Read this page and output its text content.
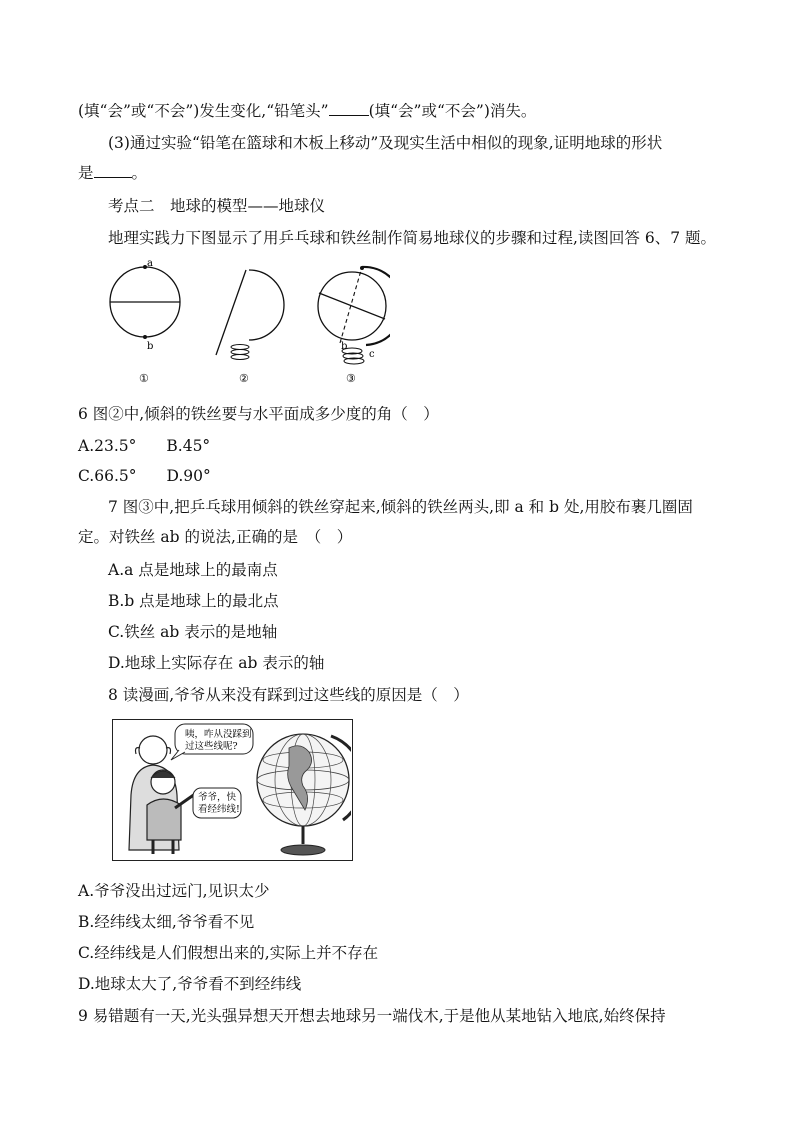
(填“会”或“不会”)发生变化,“铅笔头”	(填“会”或“不会”)消失。
(3)通过实验“铅笔在篮球和木板上移动”及现实生活中相似的现象,证明地球的形状
是 。
考点二　地球的模型——地球仪
地理实践力下图显示了用乒乓球和铁丝制作简易地球仪的步骤和过程,读图回答 6、7 题。
a
b
①	②
b
c
③
6 图②中,倾斜的铁丝要与水平面成多少度的角（　）
A.23.5° B.45°
C.66.5° D.90°
7 图③中,把乒乓球用倾斜的铁丝穿起来,倾斜的铁丝两头,即 a 和 b 处,用胶布裹几圈固
定。对铁丝 ab 的说法,正确的是　（　）
A.a 点是地球上的最南点
B.b 点是地球上的最北点
C.铁丝 ab 表示的是地轴
D.地球上实际存在 ab 表示的轴
8 读漫画,爷爷从来没有踩到过这些线的原因是（　）
咦，咋从没踩到
过这些线呢?
爷爷，快
看经纬线!
A.爷爷没出过远门,见识太少
B.经纬线太细,爷爷看不见
C.经纬线是人们假想出来的,实际上并不存在
D.地球太大了,爷爷看不到经纬线
9 易错题有一天,光头强异想天开想去地球另一端伐木,于是他从某地钻入地底,始终保持
